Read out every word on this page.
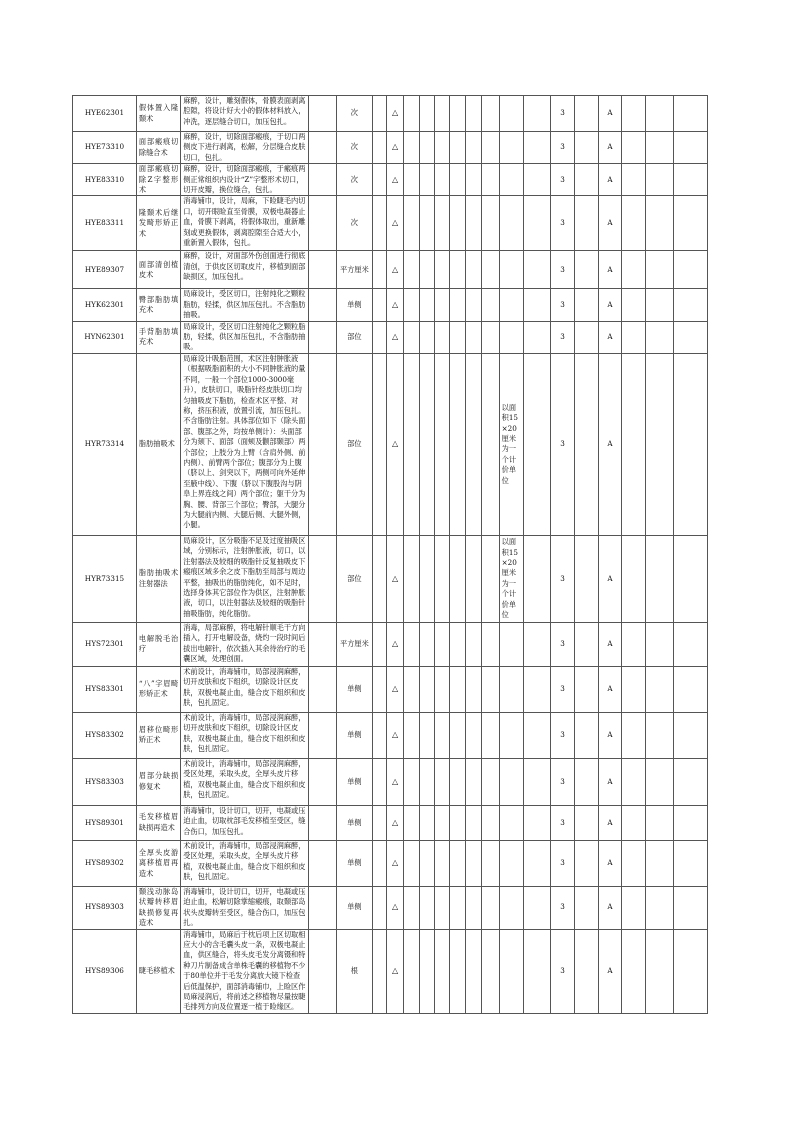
HYE62301	假体置入隆颞术	麻醉，设计，雕刻假体，骨膜表面剥离腔隙，将设计好大小的假体材料放入，冲洗，逐层缝合切口，加压包扎。		次		△									3		A			
HYE73310	面部瘢痕切除缝合术	麻醉，设计，切除面部瘢痕，于切口两侧皮下进行剥离，松解，分层缝合皮肤切口，包扎。		次		△									3		A			
HYE83310	面部瘢痕切除Z字整形术	麻醉，设计，切除面部瘢痕，于瘢痕两侧正常组织内设计“Z”字整形术切口，切开皮瓣，换位缝合，包扎。		次		△									3		A			
HYE83311	隆颞术后继发畸形矫正术	消毒铺巾，设计，局麻，下睑睫毛内切口，切开眼睑直至骨膜，双极电凝器止血，骨膜下剥离，将假体取出，重新雕刻或更换假体，剥离腔隙至合适大小，重新置入假体，包扎。		次		△									3		A			
HYE89307	面部清创植皮术	麻醉，设计，对面部外伤创面进行彻底清创，于供皮区切取皮片，移植到面部缺损区，加压包扎。		平方厘米		△									3		A			
HYK62301	臀部脂肪填充术	局麻设计，受区切口，注射纯化之颗粒脂肪，轻揉，供区加压包扎。不含脂肪抽吸。		单侧		△									3		A			
HYN62301	手背脂肪填充术	局麻设计，受区切口注射纯化之颗粒脂肪，轻揉，供区加压包扎，不含脂肪抽吸。		部位		△									3		A			
HYR73314	脂肪抽吸术	局麻设计吸脂范围，术区注射肿胀液（根据吸脂面积的大小不同肿胀液的量不同，一般一个部位1000-3000毫升），皮肤切口，吸脂针经皮肤切口均匀抽吸皮下脂肪，检查术区平整、对称，挤压积液，放置引流，加压包扎。不含脂肪注射。具体部位如下（除头面部、腹部之外，均按单侧计）：头面部分为颏下、面部（面颊及颧部颞部）两个部位；上肢分为上臂（含肩外侧、前内侧）、前臂两个部位；腹部分为上腹（脐以上、剑突以下，两侧可向外延伸至腋中线）、下腹（脐以下腹股沟与阴阜上界连线之间）两个部位；躯干分为胸、腰、背部三个部位；臀部，大腿分为大腿前内侧、大腿后侧、大腿外侧，小腿。		部位		△							以面积15×20厘米为一个计价单位		3		A			
HYR73315	脂肪抽吸术注射器法	局麻设计，区分吸脂不足及过度抽吸区域，分别标示，注射肿胀液，切口，以注射器法及较细的吸脂针反复抽吸皮下瘢痕区域多余之皮下脂肪至局部与周边平整，抽吸出的脂肪纯化，如不足时，选择身体其它部位作为供区，注射肿胀液，切口，以注射器法及较细的吸脂针抽吸脂肪，纯化脂肪。		部位		△							以面积15×20厘米为一个计价单位		3		A			
HYS72301	电解脱毛治疗	消毒，局部麻醉，将电解针顺毛干方向插入，打开电解设备，烧灼一段时间后拔出电解针，依次插入其余待治疗的毛囊区域，处理创面。		平方厘米		△									3		A			
HYS83301	“八”字眉畸形矫正术	术前设计，消毒铺巾，局部浸润麻醉，切开皮肤和皮下组织，切除设计区皮肤，双极电凝止血，缝合皮下组织和皮肤，包扎固定。		单侧		△									3		A			
HYS83302	眉移位畸形矫正术	术前设计，消毒铺巾，局部浸润麻醉，切开皮肤和皮下组织，切除设计区皮肤，双极电凝止血，缝合皮下组织和皮肤，包扎固定。		单侧		△									3		A			
HYS83303	眉部分缺损修复术	术前设计，消毒铺巾，局部浸润麻醉，受区处理，采取头皮，全厚头皮片移植，双极电凝止血，缝合皮下组织和皮肤，包扎固定。		单侧		△									3		A			
HYS89301	毛发移植眉缺损再造术	消毒铺巾，设计切口，切开，电凝或压迫止血，切取枕部毛发移植至受区，缝合伤口，加压包扎。		单侧		△									3		A			
HYS89302	全厚头皮游离移植眉再造术	术前设计，消毒铺巾，局部浸润麻醉，受区处理，采取头皮，全厚头皮片移植，双极电凝止血，缝合皮下组织和皮肤，包扎固定。		单侧		△									3		A			
HYS89303	颞浅动脉岛状瓣转移眉缺损修复再造术	消毒铺巾，设计切口，切开，电凝或压迫止血，松解切除掌缩瘢痕，取颞部岛状头皮瓣转至受区，缝合伤口，加压包扎。		单侧		△									3		A			
HYS89306	睫毛移植术	消毒铺巾，局麻后于枕后项上区切取相应大小的含毛囊头皮一条，双极电凝止血，供区缝合，将头皮毛发分离镊和特种刀片制备成含单株毛囊的移植物不少于80单位并于毛发分离放大镜下检查后低温保护，面部消毒铺巾，上睑区作局麻浸润后，将前述之移植物尽量按睫毛排列方向及位置逐一植于睑缘区。		根		△									3		A			
